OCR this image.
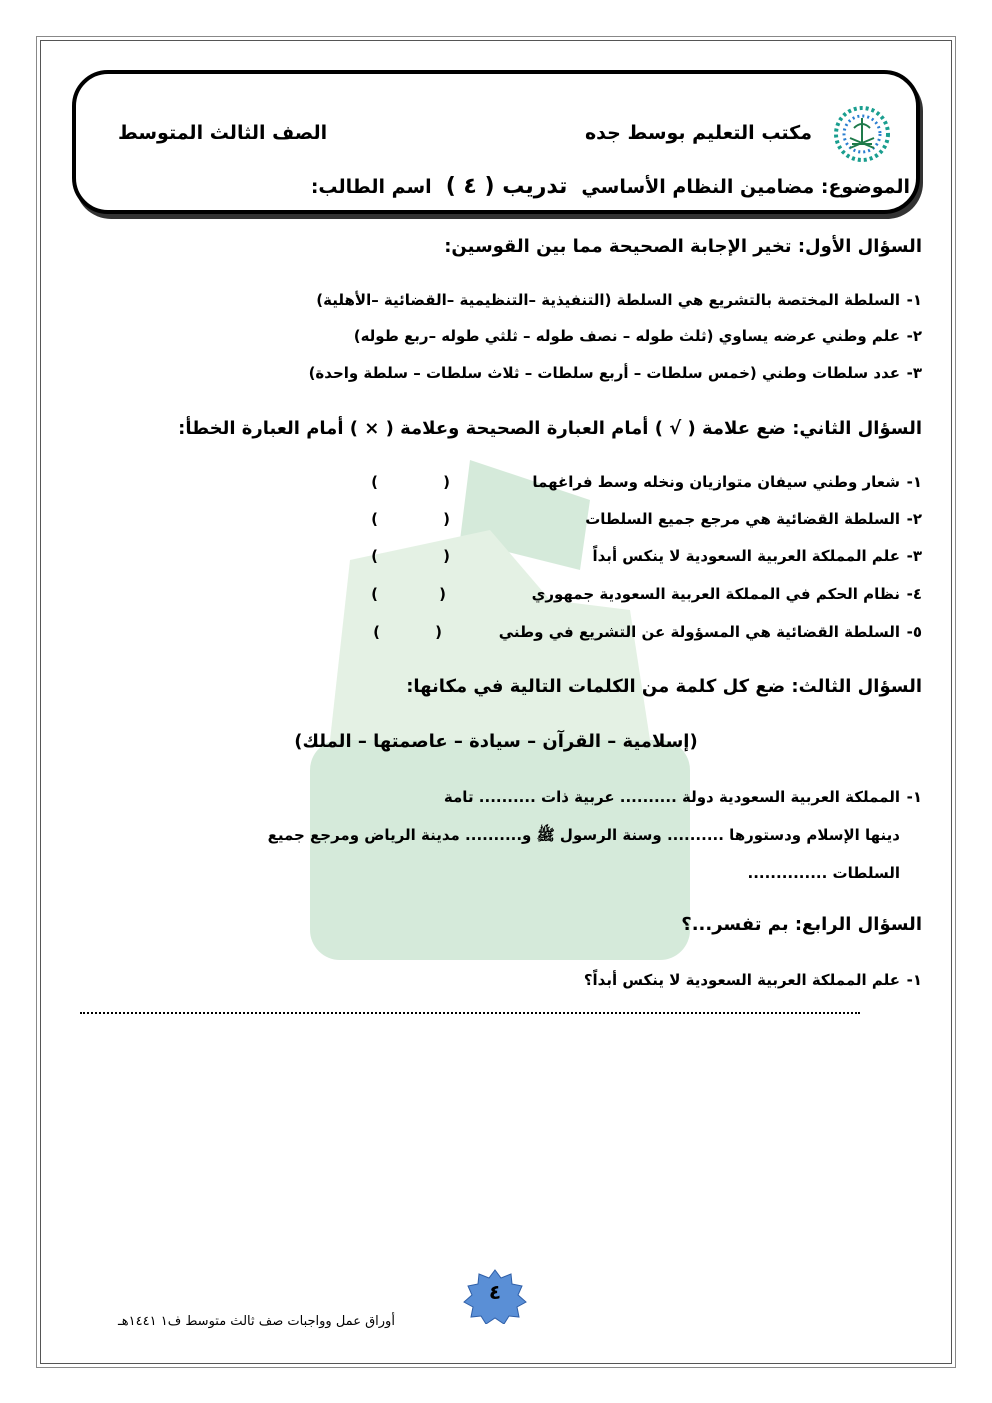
مكتب التعليم بوسط جده
الصف الثالث المتوسط
الموضوع: مضامين النظام الأساسي
تدريب ( ٤ )
اسم الطالب:
السؤال الأول: تخير الإجابة الصحيحة مما بين القوسين:
١-
السلطة المختصة بالتشريع هي السلطة (التنفيذية –التنظيمية –القضائية –الأهلية)
٢-
علم وطني عرضه يساوي (ثلث طوله – نصف طوله – ثلثي طوله –ربع طوله)
٣-
عدد سلطات وطني (خمس سلطات – أربع سلطات – ثلاث سلطات – سلطة واحدة)
السؤال الثاني: ضع علامة ( √ ) أمام العبارة الصحيحة وعلامة ( × ) أمام العبارة الخطأ:
١-
شعار وطني سيفان متوازيان ونخله وسط فراغهما
(
)
٢-
السلطة القضائية هي مرجع جميع السلطات
(
)
٣-
علم المملكة العربية السعودية لا ينكس أبداً
(
)
٤-
نظام الحكم في المملكة العربية السعودية جمهوري
(
)
٥-
السلطة القضائية هي المسؤولة عن التشريع في وطني
(
)
السؤال الثالث: ضع كل كلمة من الكلمات التالية في مكانها:
(إسلامية – القرآن – سيادة – عاصمتها – الملك)
١-
المملكة العربية السعودية دولة .......... عربية ذات .......... تامة
دينها الإسلام ودستورها .......... وسنة الرسول ﷺ و.......... مدينة الرياض ومرجع جميع
السلطات ..............
السؤال الرابع: بم تفسر...؟
١-
علم المملكة العربية السعودية لا ينكس أبداً؟
٤
أوراق عمل وواجبات صف ثالث متوسط ف١ ١٤٤١هـ
